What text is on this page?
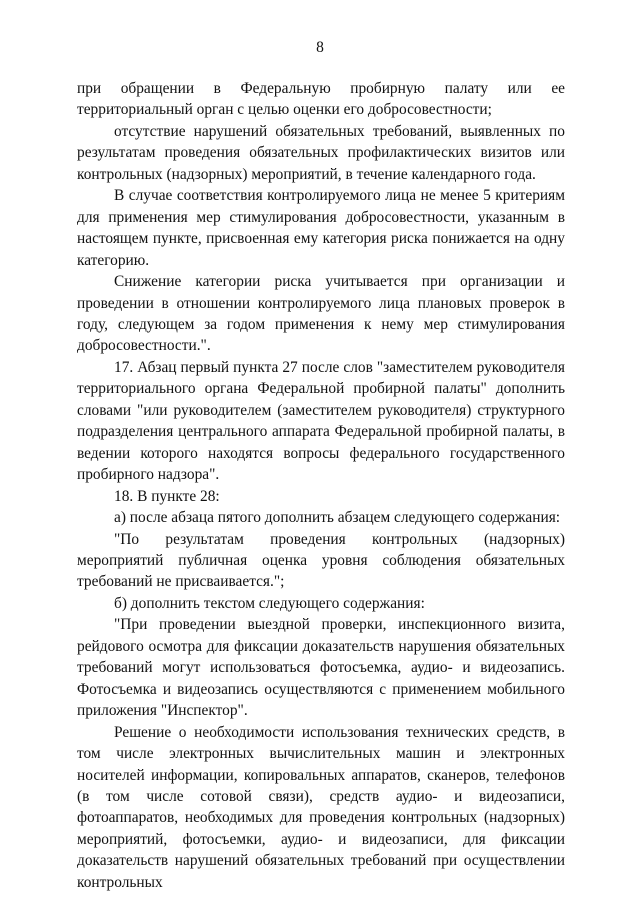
8

при обращении в Федеральную пробирную палату или ее территориальный орган с целью оценки его добросовестности;

отсутствие нарушений обязательных требований, выявленных по результатам проведения обязательных профилактических визитов или контрольных (надзорных) мероприятий, в течение календарного года.

В случае соответствия контролируемого лица не менее 5 критериям для применения мер стимулирования добросовестности, указанным в настоящем пункте, присвоенная ему категория риска понижается на одну категорию.

Снижение категории риска учитывается при организации и проведении в отношении контролируемого лица плановых проверок в году, следующем за годом применения к нему мер стимулирования добросовестности.".

17. Абзац первый пункта 27 после слов "заместителем руководителя территориального органа Федеральной пробирной палаты" дополнить словами "или руководителем (заместителем руководителя) структурного подразделения центрального аппарата Федеральной пробирной палаты, в ведении которого находятся вопросы федерального государственного пробирного надзора".

18. В пункте 28:

а) после абзаца пятого дополнить абзацем следующего содержания:

"По результатам проведения контрольных (надзорных) мероприятий публичная оценка уровня соблюдения обязательных требований не присваивается.";

б) дополнить текстом следующего содержания:

"При проведении выездной проверки, инспекционного визита, рейдового осмотра для фиксации доказательств нарушения обязательных требований могут использоваться фотосъемка, аудио- и видеозапись. Фотосъемка и видеозапись осуществляются с применением мобильного приложения "Инспектор".

Решение о необходимости использования технических средств, в том числе электронных вычислительных машин и электронных носителей информации, копировальных аппаратов, сканеров, телефонов (в том числе сотовой связи), средств аудио- и видеозаписи, фотоаппаратов, необходимых для проведения контрольных (надзорных) мероприятий, фотосъемки, аудио- и видеозаписи, для фиксации доказательств нарушений обязательных требований при осуществлении контрольных
